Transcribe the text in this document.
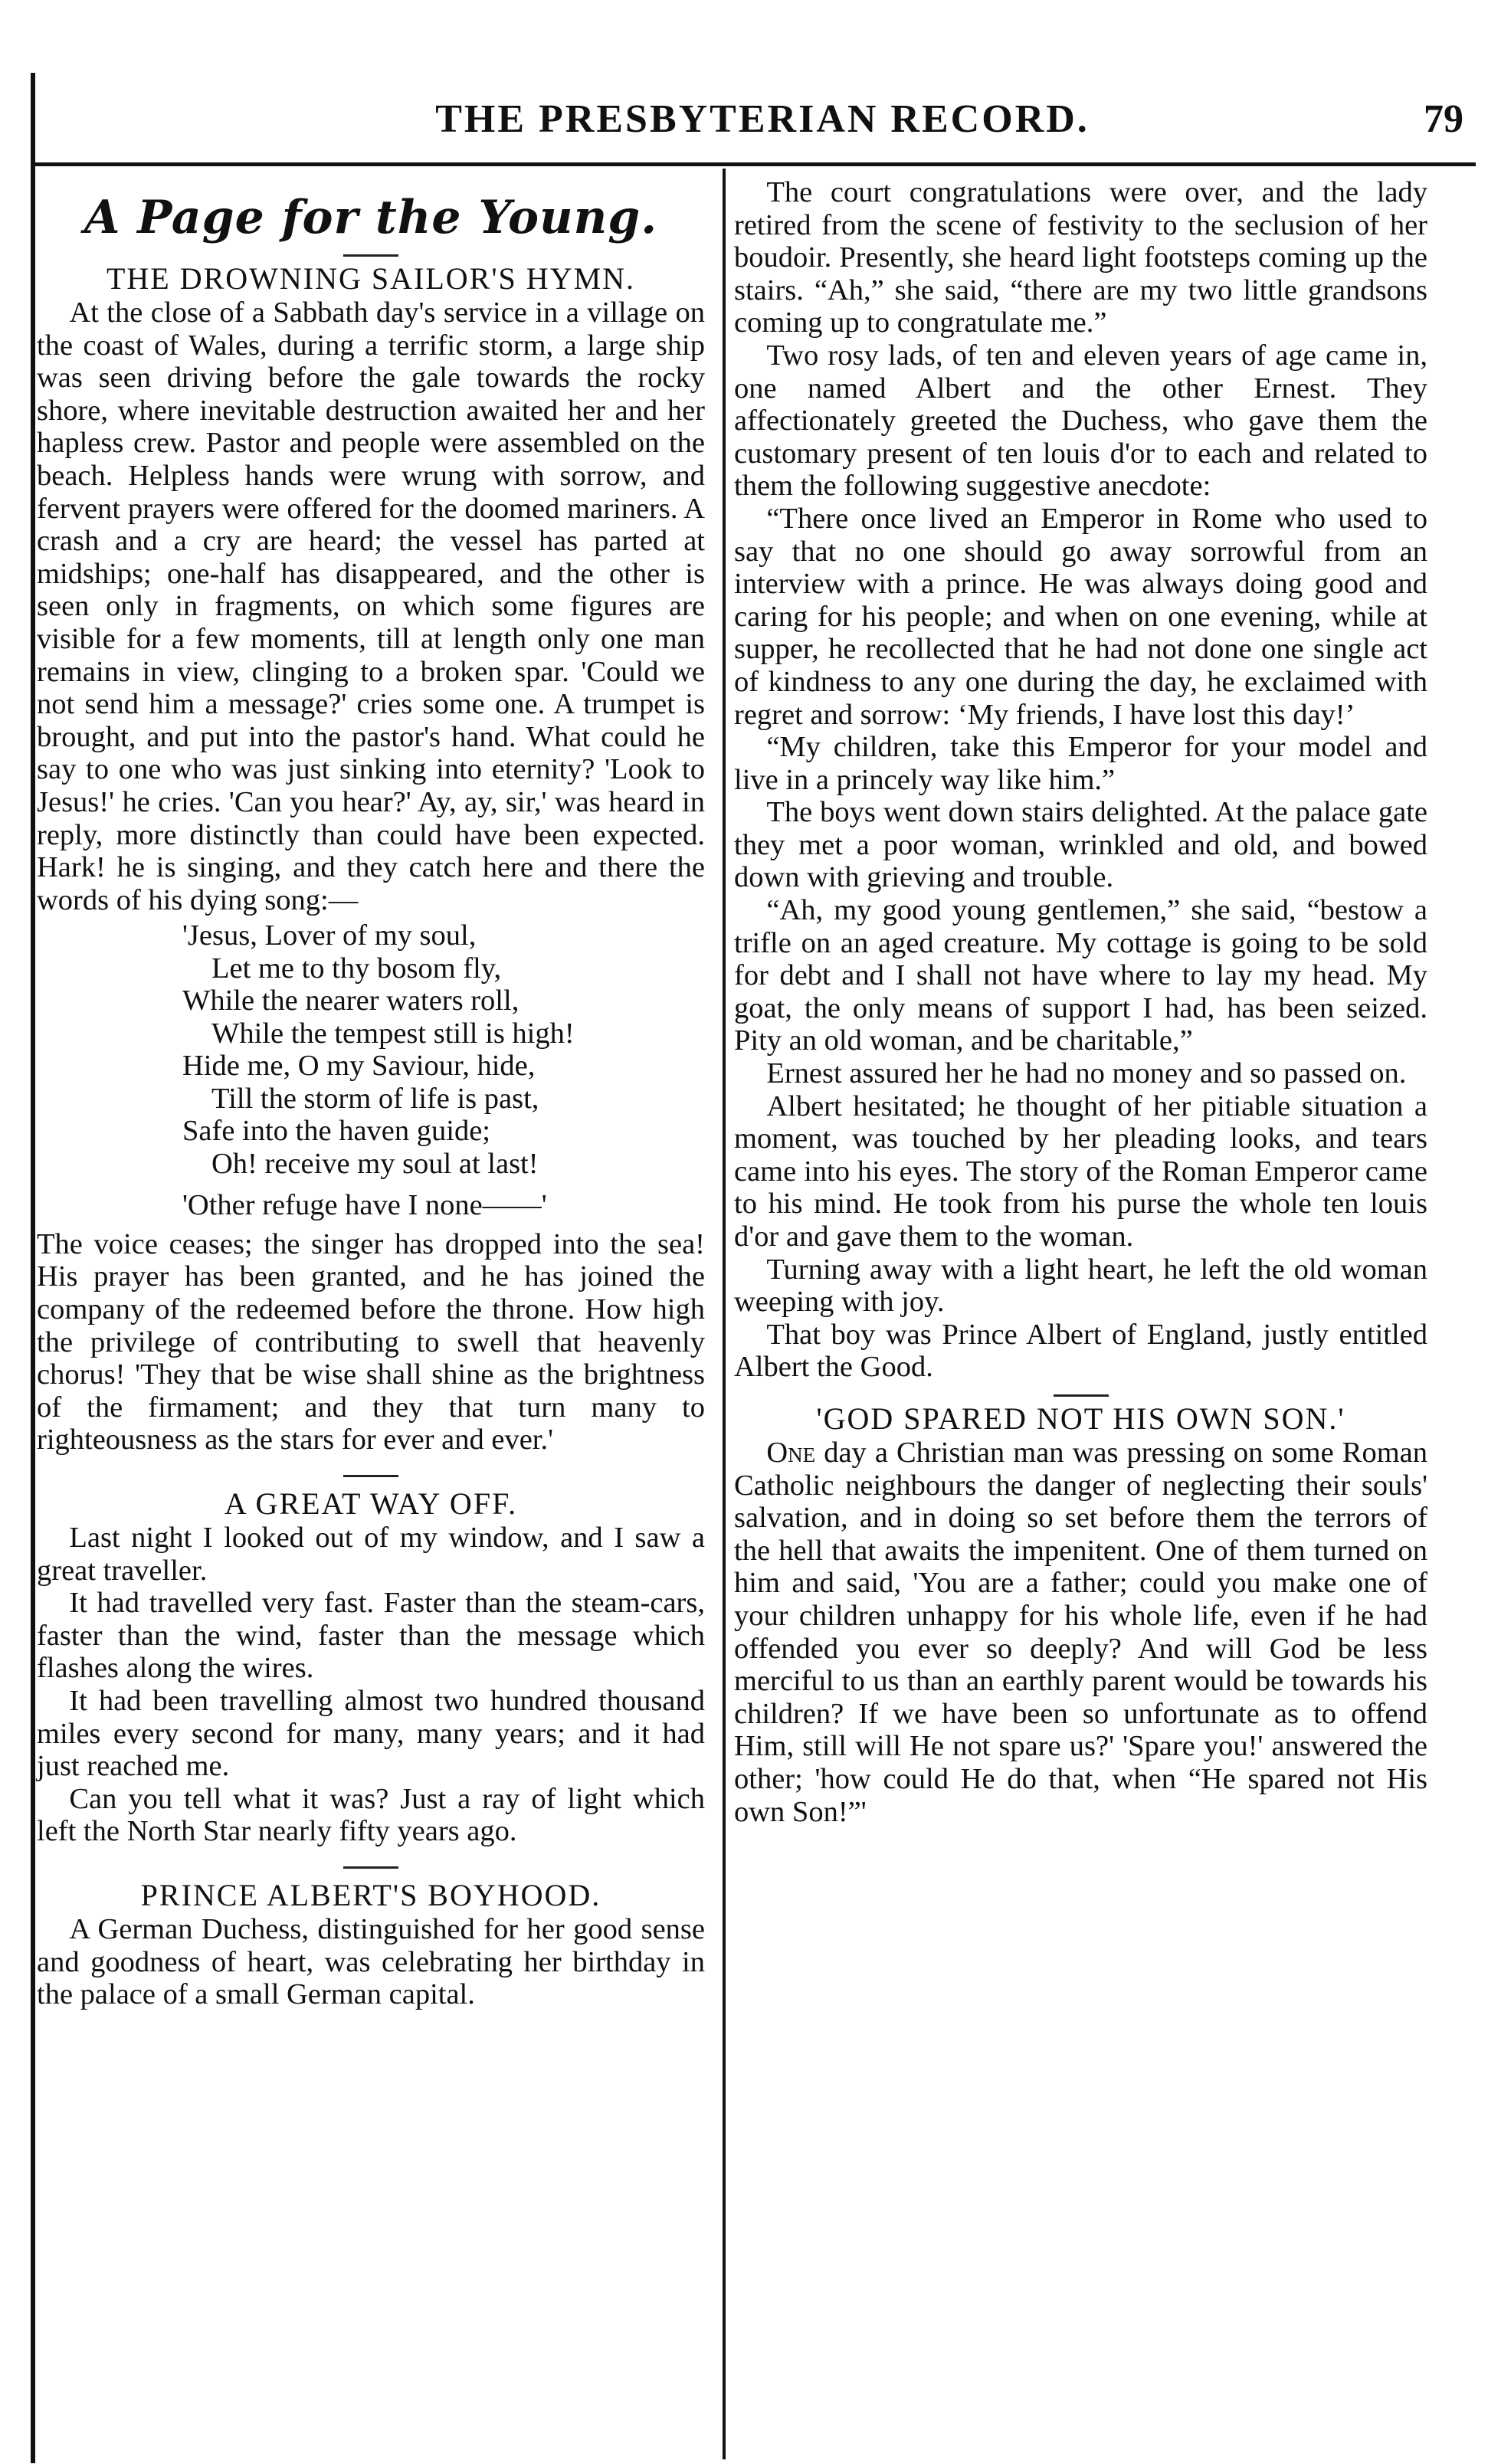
THE PRESBYTERIAN RECORD.	79
A Page for the Young.
THE DROWNING SAILOR'S HYMN.

At the close of a Sabbath day's service in a village on the coast of Wales, during a terrific storm, a large ship was seen driving before the gale towards the rocky shore, where inevitable destruction awaited her and her hapless crew. Pastor and people were assembled on the beach. Helpless hands were wrung with sorrow, and fervent prayers were offered for the doomed mariners. A crash and a cry are heard; the vessel has parted at midships; one-half has disappeared, and the other is seen only in fragments, on which some figures are visible for a few moments, till at length only one man remains in view, clinging to a broken spar. 'Could we not send him a message?' cries some one. A trumpet is brought, and put into the pastor's hand. What could he say to one who was just sinking into eternity? 'Look to Jesus!' he cries. 'Can you hear?' Ay, ay, sir,' was heard in reply, more distinctly than could have been expected. Hark! he is singing, and they catch here and there the words of his dying song:—

'Jesus, Lover of my soul,
Let me to thy bosom fly,
While the nearer waters roll,
While the tempest still is high!
Hide me, O my Saviour, hide,
Till the storm of life is past,
Safe into the haven guide;
Oh! receive my soul at last!
'Other refuge have I none——'

The voice ceases; the singer has dropped into the sea! His prayer has been granted, and he has joined the company of the redeemed before the throne. How high the privilege of contributing to swell that heavenly chorus! 'They that be wise shall shine as the brightness of the firmament; and they that turn many to righteousness as the stars for ever and ever.'

A GREAT WAY OFF.

Last night I looked out of my window, and I saw a great traveller.

It had travelled very fast. Faster than the steam-cars, faster than the wind, faster than the message which flashes along the wires.

It had been travelling almost two hundred thousand miles every second for many, many years; and it had just reached me.

Can you tell what it was? Just a ray of light which left the North Star nearly fifty years ago.

PRINCE ALBERT'S BOYHOOD.

A German Duchess, distinguished for her good sense and goodness of heart, was celebrating her birthday in the palace of a small German capital.

The court congratulations were over, and the lady retired from the scene of festivity to the seclusion of her boudoir. Presently, she heard light footsteps coming up the stairs. “Ah,” she said, “there are my two little grandsons coming up to congratulate me.”

Two rosy lads, of ten and eleven years of age came in, one named Albert and the other Ernest. They affectionately greeted the Duchess, who gave them the customary present of ten louis d'or to each and related to them the following suggestive anecdote:

“There once lived an Emperor in Rome who used to say that no one should go away sorrowful from an interview with a prince. He was always doing good and caring for his people; and when on one evening, while at supper, he recollected that he had not done one single act of kindness to any one during the day, he exclaimed with regret and sorrow: ‘My friends, I have lost this day!’

“My children, take this Emperor for your model and live in a princely way like him.”

The boys went down stairs delighted. At the palace gate they met a poor woman, wrinkled and old, and bowed down with grieving and trouble.

“Ah, my good young gentlemen,” she said, “bestow a trifle on an aged creature. My cottage is going to be sold for debt and I shall not have where to lay my head. My goat, the only means of support I had, has been seized. Pity an old woman, and be charitable,”

Ernest assured her he had no money and so passed on.

Albert hesitated; he thought of her pitiable situation a moment, was touched by her pleading looks, and tears came into his eyes. The story of the Roman Emperor came to his mind. He took from his purse the whole ten louis d'or and gave them to the woman.

Turning away with a light heart, he left the old woman weeping with joy.

That boy was Prince Albert of England, justly entitled Albert the Good.

'GOD SPARED NOT HIS OWN SON.'

One day a Christian man was pressing on some Roman Catholic neighbours the danger of neglecting their souls' salvation, and in doing so set before them the terrors of the hell that awaits the impenitent. One of them turned on him and said, 'You are a father; could you make one of your children unhappy for his whole life, even if he had offended you ever so deeply? And will God be less merciful to us than an earthly parent would be towards his children? If we have been so unfortunate as to offend Him, still will He not spare us?' 'Spare you!' answered the other; 'how could He do that, when “He spared not His own Son!”'
